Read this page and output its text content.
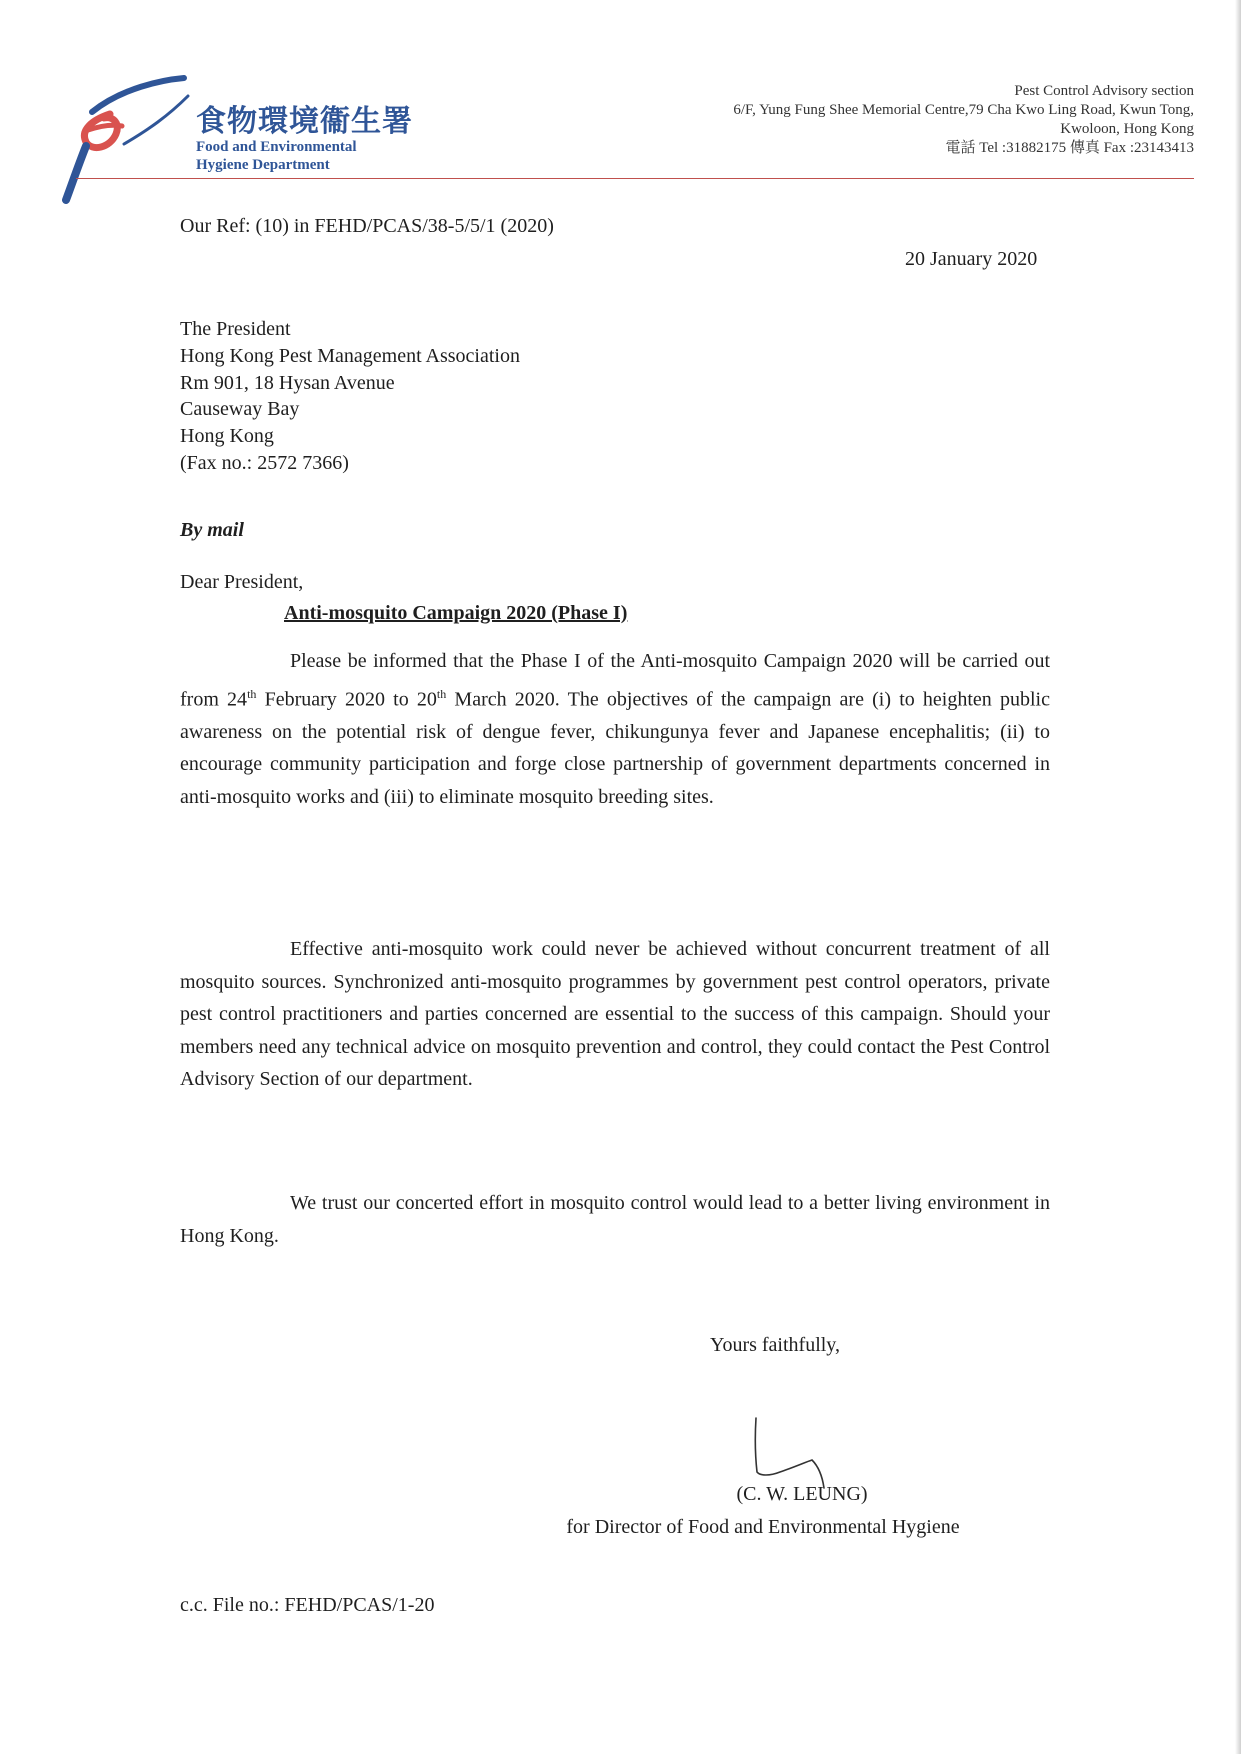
食物環境衞生署
Food and Environmental
Hygiene Department
Pest Control Advisory section
6/F, Yung Fung Shee Memorial Centre,79 Cha Kwo Ling Road, Kwun Tong,
Kwoloon, Hong Kong
電話 Tel :31882175 傳真 Fax :23143413
Our Ref: (10) in FEHD/PCAS/38-5/5/1 (2020)
20 January 2020
The President
Hong Kong Pest Management Association
Rm 901, 18 Hysan Avenue
Causeway Bay
Hong Kong
(Fax no.: 2572 7366)
By mail
Dear President,
Anti-mosquito Campaign 2020 (Phase I)
Please be informed that the Phase I of the Anti-mosquito Campaign 2020 will be carried out from 24th February 2020 to 20th March 2020. The objectives of the campaign are (i) to heighten public awareness on the potential risk of dengue fever, chikungunya fever and Japanese encephalitis; (ii) to encourage community participation and forge close partnership of government departments concerned in anti-mosquito works and (iii) to eliminate mosquito breeding sites.
Effective anti-mosquito work could never be achieved without concurrent treatment of all mosquito sources. Synchronized anti-mosquito programmes by government pest control operators, private pest control practitioners and parties concerned are essential to the success of this campaign. Should your members need any technical advice on mosquito prevention and control, they could contact the Pest Control Advisory Section of our department.
We trust our concerted effort in mosquito control would lead to a better living environment in Hong Kong.
Yours faithfully,
(C. W. LEUNG)
for Director of Food and Environmental Hygiene
c.c. File no.: FEHD/PCAS/1-20
